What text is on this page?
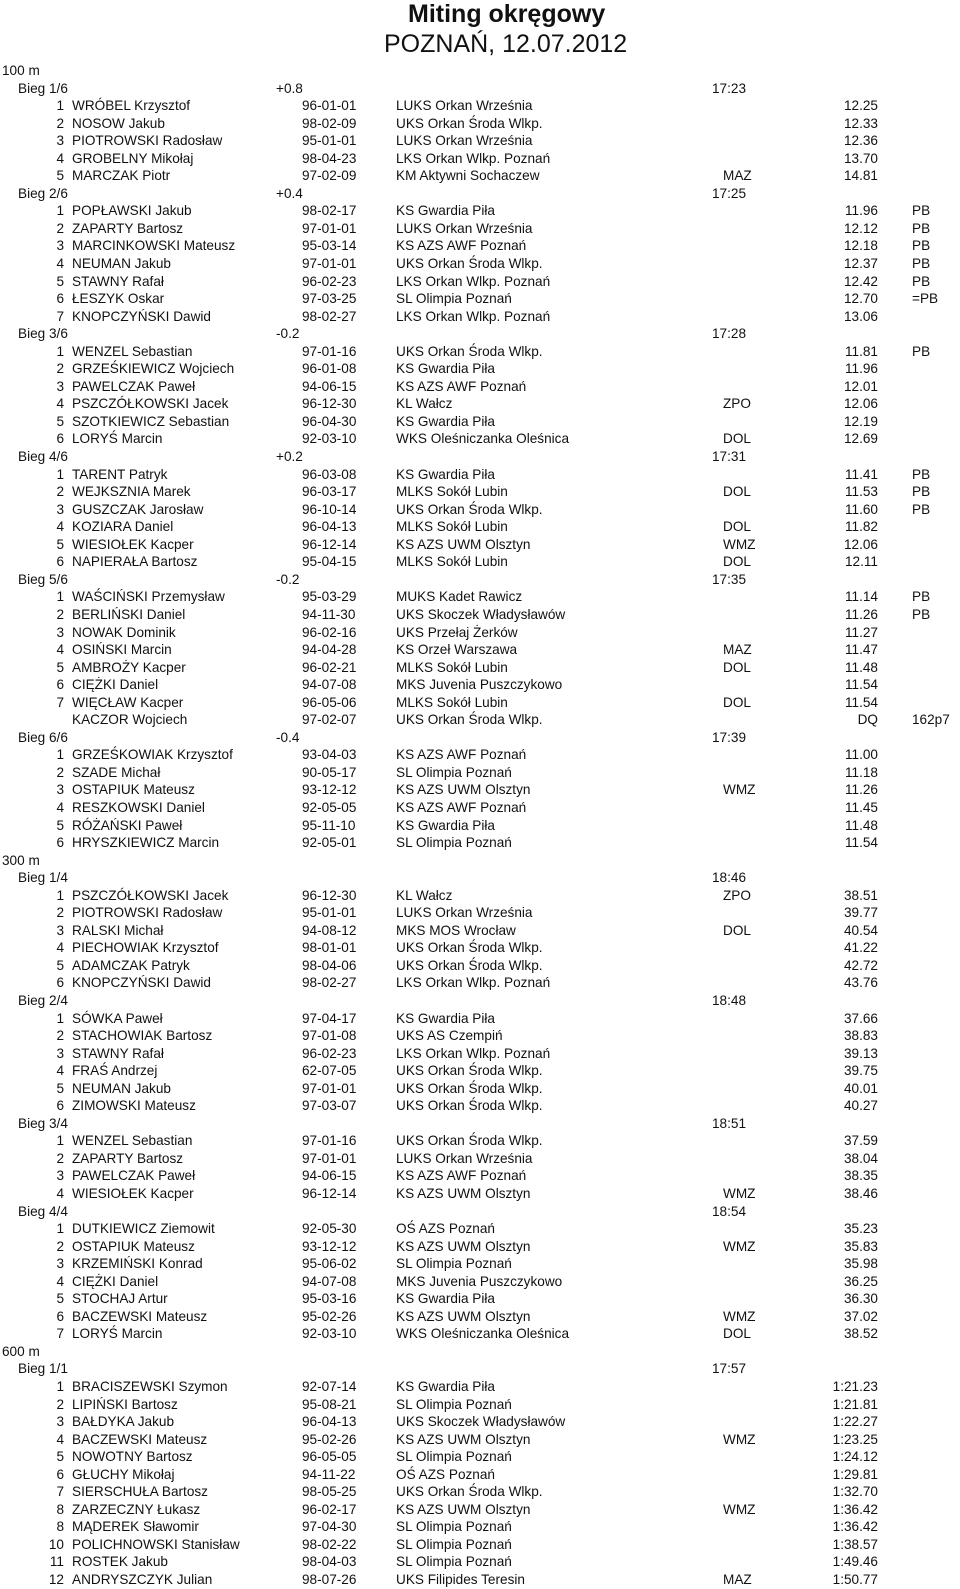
Miting okręgowy
POZNAŃ, 12.07.2012
100 m
Bieg 1/6	+0.8	17:23
1 WRÓBEL Krzysztof	96-01-01	LUKS Orkan Września	12.25
2 NOSOW Jakub	98-02-09	UKS Orkan Środa Wlkp.	12.33
3 PIOTROWSKI Radosław	95-01-01	LUKS Orkan Września	12.36
4 GROBELNY Mikołaj	98-04-23	LKS Orkan Wlkp. Poznań	13.70
5 MARCZAK Piotr	97-02-09	KM Aktywni Sochaczew	MAZ	14.81
Bieg 2/6	+0.4	17:25
1 POPŁAWSKI Jakub	98-02-17	KS Gwardia Piła	11.96	PB
2 ZAPARTY Bartosz	97-01-01	LUKS Orkan Września	12.12	PB
3 MARCINKOWSKI Mateusz	95-03-14	KS AZS AWF Poznań	12.18	PB
4 NEUMAN Jakub	97-01-01	UKS Orkan Środa Wlkp.	12.37	PB
5 STAWNY Rafał	96-02-23	LKS Orkan Wlkp. Poznań	12.42	PB
6 ŁESZYK Oskar	97-03-25	SL Olimpia Poznań	12.70	=PB
7 KNOPCZYŃSKI Dawid	98-02-27	LKS Orkan Wlkp. Poznań	13.06
Bieg 3/6	-0.2	17:28
1 WENZEL Sebastian	97-01-16	UKS Orkan Środa Wlkp.	11.81	PB
2 GRZEŚKIEWICZ Wojciech	96-01-08	KS Gwardia Piła	11.96
3 PAWELCZAK Paweł	94-06-15	KS AZS AWF Poznań	12.01
4 PSZCZÓŁKOWSKI Jacek	96-12-30	KL Wałcz	ZPO	12.06
5 SZOTKIEWICZ Sebastian	96-04-30	KS Gwardia Piła	12.19
6 LORYŚ Marcin	92-03-10	WKS Oleśniczanka Oleśnica	DOL	12.69
Bieg 4/6	+0.2	17:31
1 TARENT Patryk	96-03-08	KS Gwardia Piła	11.41	PB
2 WEJKSZNIA Marek	96-03-17	MLKS Sokół Lubin	DOL	11.53	PB
3 GUSZCZAK Jarosław	96-10-14	UKS Orkan Środa Wlkp.	11.60	PB
4 KOZIARA Daniel	96-04-13	MLKS Sokół Lubin	DOL	11.82
5 WIESIOŁEK Kacper	96-12-14	KS AZS UWM Olsztyn	WMZ	12.06
6 NAPIERAŁA Bartosz	95-04-15	MLKS Sokół Lubin	DOL	12.11
Bieg 5/6	-0.2	17:35
1 WAŚCIŃSKI Przemysław	95-03-29	MUKS Kadet Rawicz	11.14	PB
2 BERLIŃSKI Daniel	94-11-30	UKS Skoczek Władysławów	11.26	PB
3 NOWAK Dominik	96-02-16	UKS Przełaj Żerków	11.27
4 OSIŃSKI Marcin	94-04-28	KS Orzeł Warszawa	MAZ	11.47
5 AMBROŻY Kacper	96-02-21	MLKS Sokół Lubin	DOL	11.48
6 CIĘŻKI Daniel	94-07-08	MKS Juvenia Puszczykowo	11.54
7 WIĘCŁAW Kacper	96-05-06	MLKS Sokół Lubin	DOL	11.54
KACZOR Wojciech	97-02-07	UKS Orkan Środa Wlkp.	DQ	162p7
Bieg 6/6	-0.4	17:39
1 GRZEŚKOWIAK Krzysztof	93-04-03	KS AZS AWF Poznań	11.00
2 SZADE Michał	90-05-17	SL Olimpia Poznań	11.18
3 OSTAPIUK Mateusz	93-12-12	KS AZS UWM Olsztyn	WMZ	11.26
4 RESZKOWSKI Daniel	92-05-05	KS AZS AWF Poznań	11.45
5 RÓŻAŃSKI Paweł	95-11-10	KS Gwardia Piła	11.48
6 HRYSZKIEWICZ Marcin	92-05-01	SL Olimpia Poznań	11.54
300 m
Bieg 1/4	18:46
1 PSZCZÓŁKOWSKI Jacek	96-12-30	KL Wałcz	ZPO	38.51
2 PIOTROWSKI Radosław	95-01-01	LUKS Orkan Września	39.77
3 RALSKI Michał	94-08-12	MKS MOS Wrocław	DOL	40.54
4 PIECHOWIAK Krzysztof	98-01-01	UKS Orkan Środa Wlkp.	41.22
5 ADAMCZAK Patryk	98-04-06	UKS Orkan Środa Wlkp.	42.72
6 KNOPCZYŃSKI Dawid	98-02-27	LKS Orkan Wlkp. Poznań	43.76
Bieg 2/4	18:48
1 SÓWKA Paweł	97-04-17	KS Gwardia Piła	37.66
2 STACHOWIAK Bartosz	97-01-08	UKS AS Czempiń	38.83
3 STAWNY Rafał	96-02-23	LKS Orkan Wlkp. Poznań	39.13
4 FRAŚ Andrzej	62-07-05	UKS Orkan Środa Wlkp.	39.75
5 NEUMAN Jakub	97-01-01	UKS Orkan Środa Wlkp.	40.01
6 ZIMOWSKI Mateusz	97-03-07	UKS Orkan Środa Wlkp.	40.27
Bieg 3/4	18:51
1 WENZEL Sebastian	97-01-16	UKS Orkan Środa Wlkp.	37.59
2 ZAPARTY Bartosz	97-01-01	LUKS Orkan Września	38.04
3 PAWELCZAK Paweł	94-06-15	KS AZS AWF Poznań	38.35
4 WIESIOŁEK Kacper	96-12-14	KS AZS UWM Olsztyn	WMZ	38.46
Bieg 4/4	18:54
1 DUTKIEWICZ Ziemowit	92-05-30	OŚ AZS Poznań	35.23
2 OSTAPIUK Mateusz	93-12-12	KS AZS UWM Olsztyn	WMZ	35.83
3 KRZEMIŃSKI Konrad	95-06-02	SL Olimpia Poznań	35.98
4 CIĘŻKI Daniel	94-07-08	MKS Juvenia Puszczykowo	36.25
5 STOCHAJ Artur	95-03-16	KS Gwardia Piła	36.30
6 BACZEWSKI Mateusz	95-02-26	KS AZS UWM Olsztyn	WMZ	37.02
7 LORYŚ Marcin	92-03-10	WKS Oleśniczanka Oleśnica	DOL	38.52
600 m
Bieg 1/1	17:57
1 BRACISZEWSKI Szymon	92-07-14	KS Gwardia Piła	1:21.23
2 LIPIŃSKI Bartosz	95-08-21	SL Olimpia Poznań	1:21.81
3 BAŁDYKA Jakub	96-04-13	UKS Skoczek Władysławów	1:22.27
4 BACZEWSKI Mateusz	95-02-26	KS AZS UWM Olsztyn	WMZ	1:23.25
5 NOWOTNY Bartosz	96-05-05	SL Olimpia Poznań	1:24.12
6 GŁUCHY Mikołaj	94-11-22	OŚ AZS Poznań	1:29.81
7 SIERSCHUŁA Bartosz	98-05-25	UKS Orkan Środa Wlkp.	1:32.70
8 ZARZECZNY Łukasz	96-02-17	KS AZS UWM Olsztyn	WMZ	1:36.42
8 MĄDEREK Sławomir	97-04-30	SL Olimpia Poznań	1:36.42
10 POLICHNOWSKI Stanisław	98-02-22	SL Olimpia Poznań	1:38.57
11 ROSTEK Jakub	98-04-03	SL Olimpia Poznań	1:49.46
12 ANDRYSZCZYK Julian	98-07-26	UKS Filipides Teresin	MAZ	1:50.77
